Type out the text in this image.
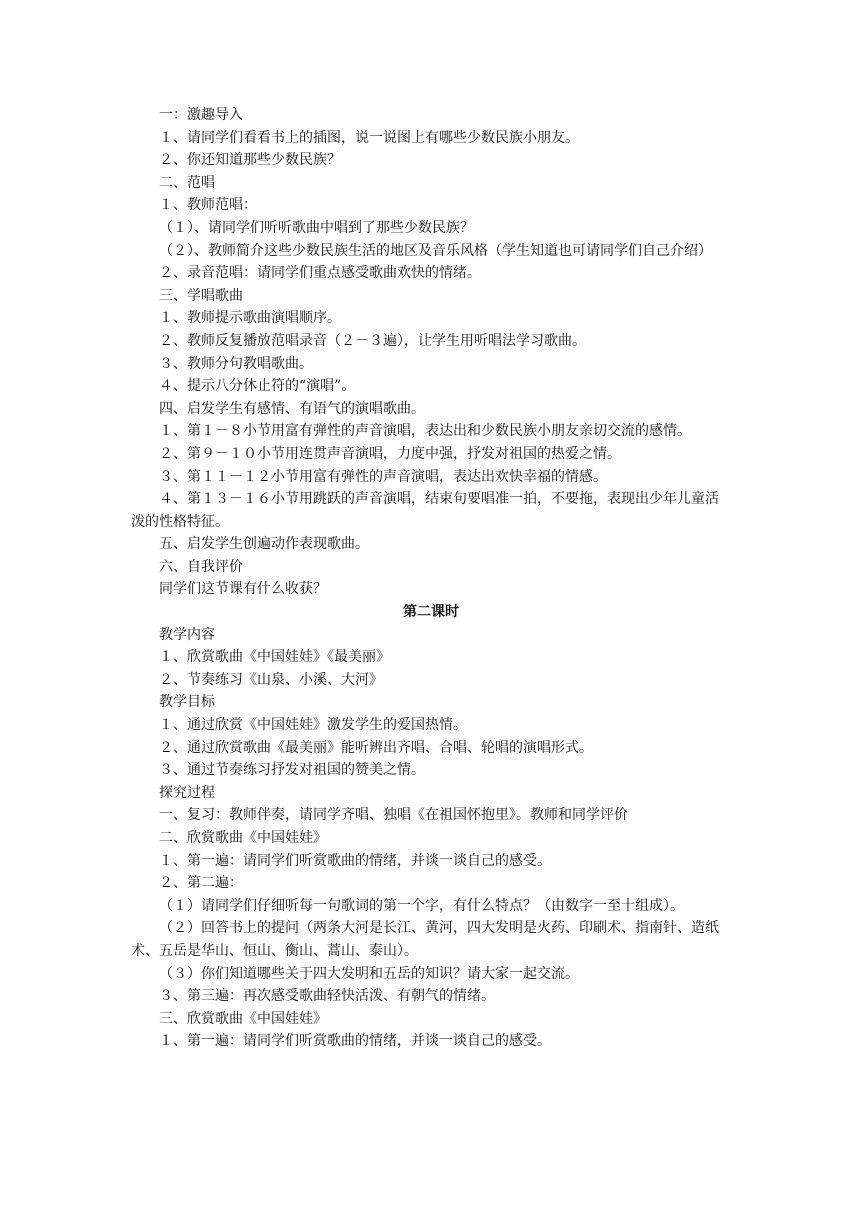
一：激趣导入

１、请同学们看看书上的插图，说一说图上有哪些少数民族小朋友。

２、你还知道那些少数民族？

二、范唱

１、教师范唱：

（１）、请同学们听听歌曲中唱到了那些少数民族？

（２）、教师简介这些少数民族生活的地区及音乐风格（学生知道也可请同学们自己介绍）

２、录音范唱：请同学们重点感受歌曲欢快的情绪。

三、学唱歌曲

１、教师提示歌曲演唱顺序。

２、教师反复播放范唱录音（２－３遍），让学生用听唱法学习歌曲。

３、教师分句教唱歌曲。

４、提示八分休止符的“演唱”。

四、启发学生有感情、有语气的演唱歌曲。

１、第１－８小节用富有弹性的声音演唱，表达出和少数民族小朋友亲切交流的感情。

２、第９－１０小节用连贯声音演唱，力度中强，抒发对祖国的热爱之情。

３、第１１－１２小节用富有弹性的声音演唱，表达出欢快幸福的情感。

４、第１３－１６小节用跳跃的声音演唱，结束句要唱准一拍，不要拖，表现出少年儿童活泼的性格特征。

五、启发学生创遍动作表现歌曲。

六、自我评价

同学们这节课有什么收获？

第二课时

教学内容

１、欣赏歌曲《中国娃娃》《最美丽》

２、节奏练习《山泉、小溪、大河》

教学目标

１、通过欣赏《中国娃娃》激发学生的爱国热情。

２、通过欣赏歌曲《最美丽》能听辨出齐唱、合唱、轮唱的演唱形式。

３、通过节奏练习抒发对祖国的赞美之情。

探究过程

一、复习：教师伴奏，请同学齐唱、独唱《在祖国怀抱里》。教师和同学评价

二、欣赏歌曲《中国娃娃》

１、第一遍：请同学们听赏歌曲的情绪，并谈一谈自己的感受。

２、第二遍：

（１）请同学们仔细听每一句歌词的第一个字，有什么特点？（由数字一至十组成）。

（２）回答书上的提问（两条大河是长江、黄河，四大发明是火药、印刷术、指南针、造纸术、五岳是华山、恒山、衡山、蒿山、泰山）。

（３）你们知道哪些关于四大发明和五岳的知识？请大家一起交流。

３、第三遍：再次感受歌曲轻快活泼、有朝气的情绪。

三、欣赏歌曲《中国娃娃》

１、第一遍：请同学们听赏歌曲的情绪，并谈一谈自己的感受。
